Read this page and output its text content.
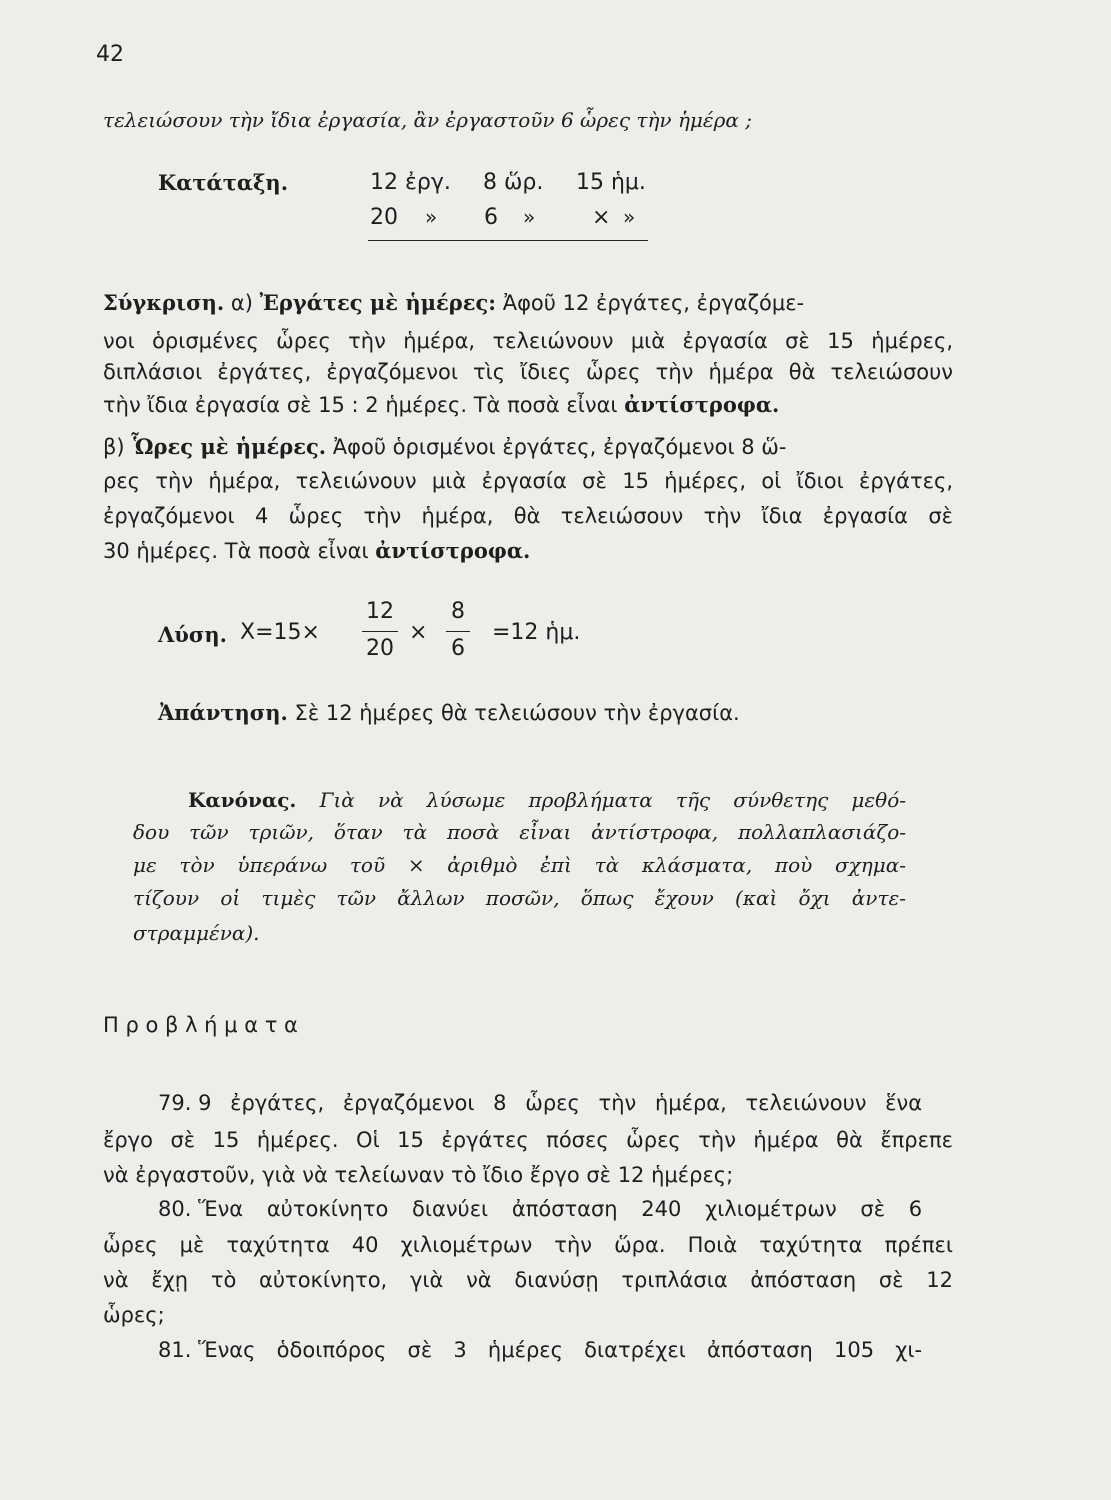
42
τελειώσουν τὴν ἴδια ἐργασία, ἂν ἐργαστοῦν 6 ὧρες τὴν ἡμέρα ;
Κατάταξη.	12 ἐργ. 8 ὥρ. 15 ἡμ.
20 » 6 »	× »
Σύγκριση. α) Ἐργάτες μὲ ἡμέρες: Ἀφοῦ 12 ἐργάτες, ἐργαζόμε-
νοι ὁρισμένες ὧρες τὴν ἡμέρα, τελειώνουν μιὰ ἐργασία σὲ 15 ἡμέρες,
διπλάσιοι ἐργάτες, ἐργαζόμενοι τὶς ἴδιες ὧρες τὴν ἡμέρα θὰ τελειώσουν
τὴν ἴδια ἐργασία σὲ 15 : 2 ἡμέρες. Τὰ ποσὰ εἶναι ἀντίστροφα.
β) Ὧρες μὲ ἡμέρες. Ἀφοῦ ὁρισμένοι ἐργάτες, ἐργαζόμενοι 8 ὥ-
ρες τὴν ἡμέρα, τελειώνουν μιὰ ἐργασία σὲ 15 ἡμέρες, οἱ ἴδιοι ἐργάτες,
ἐργαζόμενοι 4 ὧρες τὴν ἡμέρα, θὰ τελειώσουν τὴν ἴδια ἐργασία σὲ
30 ἡμέρες. Τὰ ποσὰ εἶναι ἀντίστροφα.
Λύση. Χ=15×
12
20
×
8
6
=12 ἡμ.
Ἀπάντηση. Σὲ 12 ἡμέρες θὰ τελειώσουν τὴν ἐργασία.
Κανόνας. Γιὰ νὰ λύσωμε προβλήματα τῆς σύνθετης μεθό-
δου τῶν τριῶν, ὅταν τὰ ποσὰ εἶναι ἀντίστροφα, πολλαπλασιάζο-
με τὸν ὑπεράνω τοῦ × ἀριθμὸ ἐπὶ τὰ κλάσματα, ποὺ σχημα-
τίζουν οἱ τιμὲς τῶν ἄλλων ποσῶν, ὅπως ἔχουν (καὶ ὄχι ἀντε-
στραμμένα).
Π ρ ο β λ ή μ α τ α
79. 9 ἐργάτες, ἐργαζόμενοι 8 ὧρες τὴν ἡμέρα, τελειώνουν ἕνα
ἔργο σὲ 15 ἡμέρες. Οἱ 15 ἐργάτες πόσες ὧρες τὴν ἡμέρα θὰ ἔπρεπε
νὰ ἐργαστοῦν, γιὰ νὰ τελείωναν τὸ ἴδιο ἔργο σὲ 12 ἡμέρες;
80. Ἕνα αὐτοκίνητο διανύει ἀπόσταση 240 χιλιομέτρων σὲ 6
ὧρες μὲ ταχύτητα 40 χιλιομέτρων τὴν ὥρα. Ποιὰ ταχύτητα πρέπει
νὰ ἔχῃ τὸ αὐτοκίνητο, γιὰ νὰ διανύσῃ τριπλάσια ἀπόσταση σὲ 12
ὧρες;
81. Ἕνας ὁδοιπόρος σὲ 3 ἡμέρες διατρέχει ἀπόσταση 105 χι-
